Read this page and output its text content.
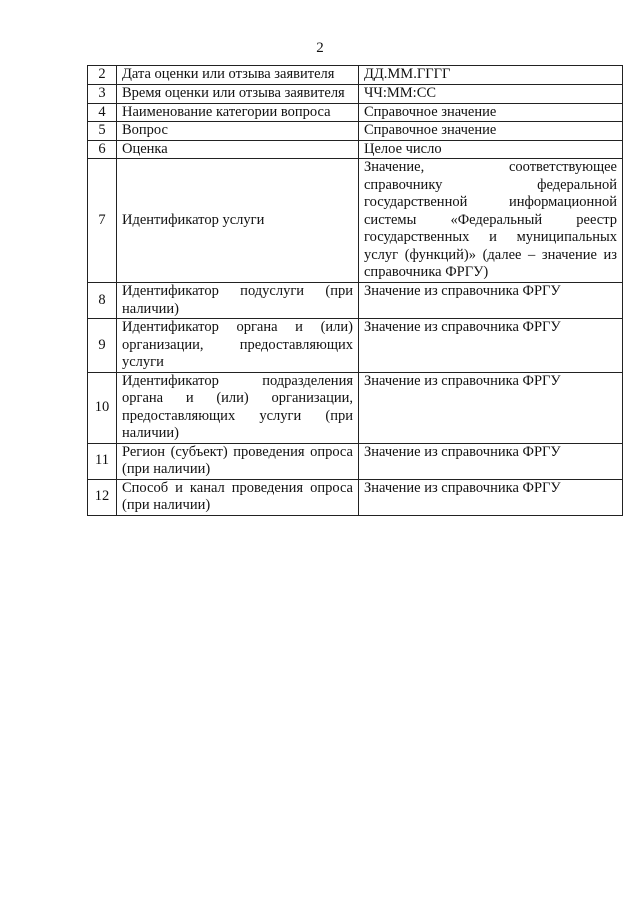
2
2	Дата оценки или отзыва заявителя	ДД.ММ.ГГГГ
3	Время оценки или отзыва заявителя	ЧЧ:ММ:СС
4	Наименование категории вопроса	Справочное значение
5	Вопрос	Справочное значение
6	Оценка	Целое число
7	Идентификатор услуги	Значение, соответствующее справочнику федеральной государственной информационной системы «Федеральный реестр государственных и муниципальных услуг (функций)» (далее – значение из справочника ФРГУ)
8	Идентификатор подуслуги (при наличии)	Значение из справочника ФРГУ
9	Идентификатор органа и (или) организации, предоставляющих услуги	Значение из справочника ФРГУ
10	Идентификатор подразделения органа и (или) организации, предоставляющих услуги (при наличии)	Значение из справочника ФРГУ
11	Регион (субъект) проведения опроса (при наличии)	Значение из справочника ФРГУ
12	Способ и канал проведения опроса (при наличии)	Значение из справочника ФРГУ
